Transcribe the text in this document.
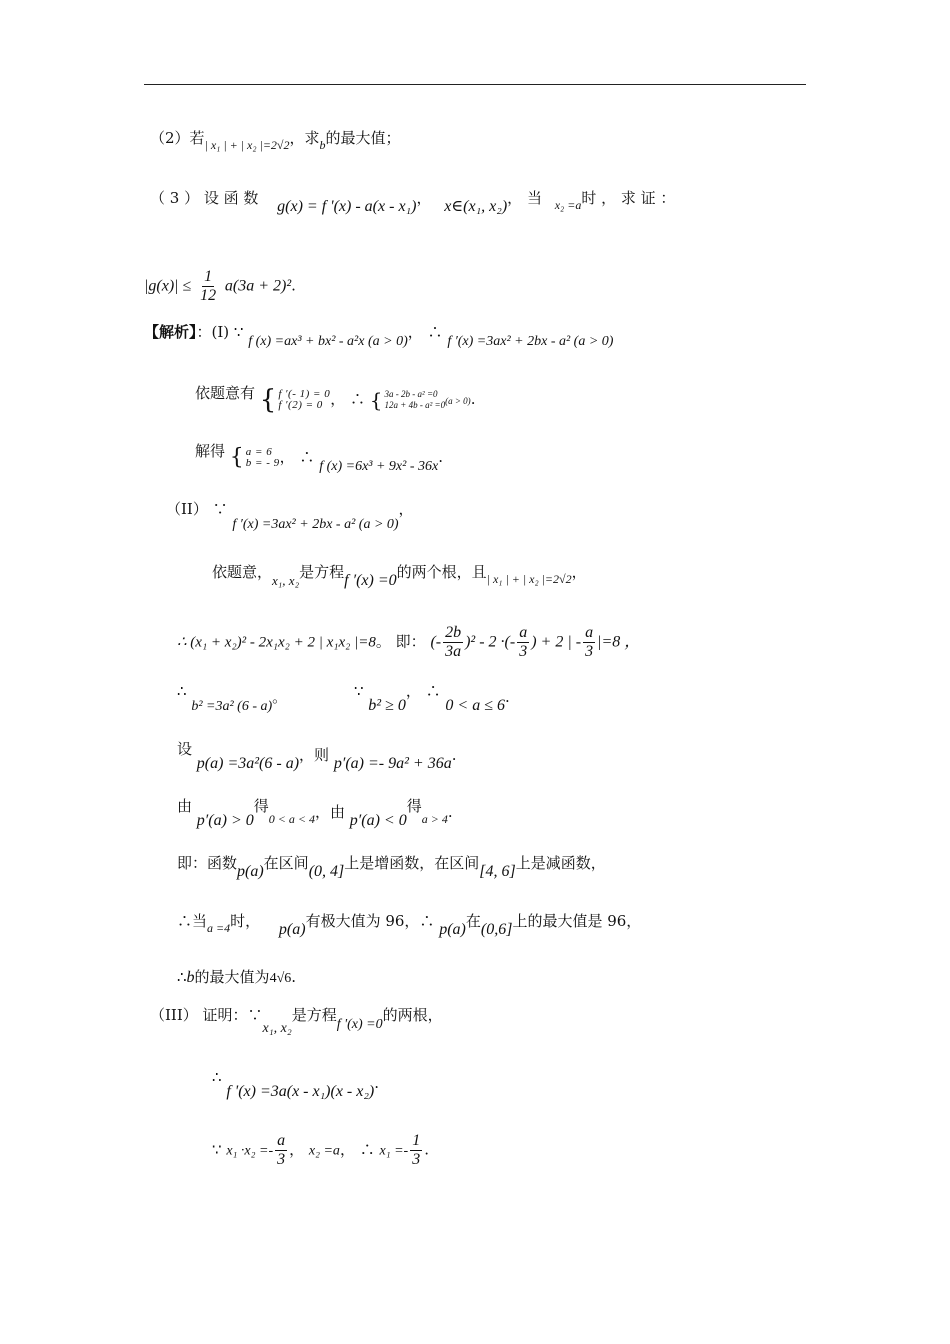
（2）若$_{| x_1 | + | x_2 |=2√2}$，求$_b$的最大值；
（ 3 ） 设 函 数 g(x) = f '(x) - a(x - x₁)， x∈(x₁, x₂)， 当 $_{x_2 =a}$时 ， 求 证 ：
$|g(x)| \le \frac{1}{12} a(3a + 2)^2$.
【解析】：(I) ∵ f (x) =ax³ + bx² - a²x (a > 0)， ∴ f ′(x) =3ax² + 2bx - a² (a > 0)
依题意有 { f ′(- 1) = 0
f ′(2) = 0 ， ∴ { 3a - 2b - a² =0
12a + 4b - a² =0 (a > 0).
解得 { a = 6
b = - 9 ， ∴ f (x) =6x³ + 9x² - 36x.
（II） ∵ f ′(x) =3ax² + 2bx - a² (a > 0)，
依题意，x₁, x₂是方程f ′(x) =0的两个根，且$_{| x_1 | + | x_2 |=2√2}$，
∴ (x₁ + x₂)² - 2x₁x₂ + 2 | x₁x₂ |=8。 即： (- $\frac{2b}{3a} )^2 - 2$ ·(- $\frac{a}{3}$ ) + 2 | - $\frac{a}{3} |=8$ ，
∴ b² =3a² (6 - a)。	∵ b² ≥ 0， ∴ 0 < a ≤ 6.
设 p(a) =3a²(6 - a)，则 p′(a) =- 9a² + 36a.
由 p′(a) > 0得$_{0 < a < 4}$，由 p′(a) < 0得$_{a > 4}$.
即：函数p(a)在区间(0, 4]上是增函数，在区间[4, 6]上是减函数，
∴当$_{a =4}$时， p(a)有极大值为 96，∴ p(a)在(0,6]上的最大值是 96，
∴b的最大值为4√6.
（III） 证明：∵x₁, x₂是方程f '(x) =0的两根，
∴ f '(x) =3a(x - x₁)(x - x₂).
∵ $x_1 \cdot x_2 =- \frac{a}{3}$ ， x₂ =a， ∴ $x_1 =- \frac{1}{3}$ .
